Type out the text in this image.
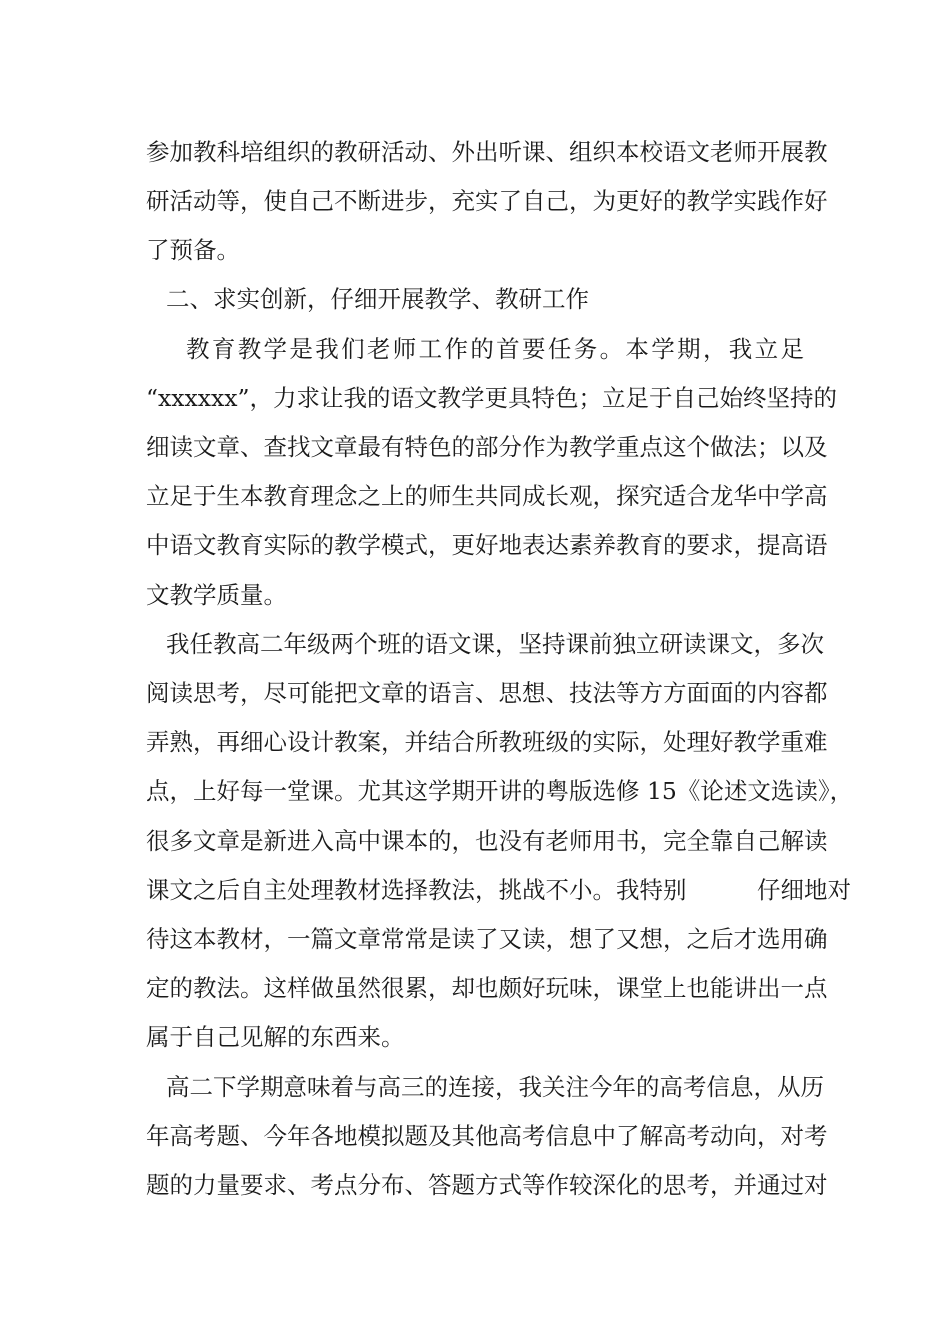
参加教科培组织的教研活动、外出听课、组织本校语文老师开展教
研活动等，使自己不断进步，充实了自己，为更好的教学实践作好
了预备。
二、求实创新，仔细开展教学、教研工作
教育教学是我们老师工作的首要任务。本学期，我立足
“xxxxxx”，力求让我的语文教学更具特色；立足于自己始终坚持的
细读文章、查找文章最有特色的部分作为教学重点这个做法；以及
立足于生本教育理念之上的师生共同成长观，探究适合龙华中学高
中语文教育实际的教学模式，更好地表达素养教育的要求，提高语
文教学质量。
我任教高二年级两个班的语文课，坚持课前独立研读课文，多次
阅读思考，尽可能把文章的语言、思想、技法等方方面面的内容都
弄熟，再细心设计教案，并结合所教班级的实际，处理好教学重难
点，上好每一堂课。尤其这学期开讲的粤版选修 15《论述文选读》，
很多文章是新进入高中课本的，也没有老师用书，完全靠自己解读
课文之后自主处理教材选择教法，挑战不小。我特别　　　仔细地对
待这本教材，一篇文章常常是读了又读，想了又想，之后才选用确
定的教法。这样做虽然很累，却也颇好玩味，课堂上也能讲出一点
属于自己见解的东西来。
高二下学期意味着与高三的连接，我关注今年的高考信息，从历
年高考题、今年各地模拟题及其他高考信息中了解高考动向，对考
题的力量要求、考点分布、答题方式等作较深化的思考，并通过对
